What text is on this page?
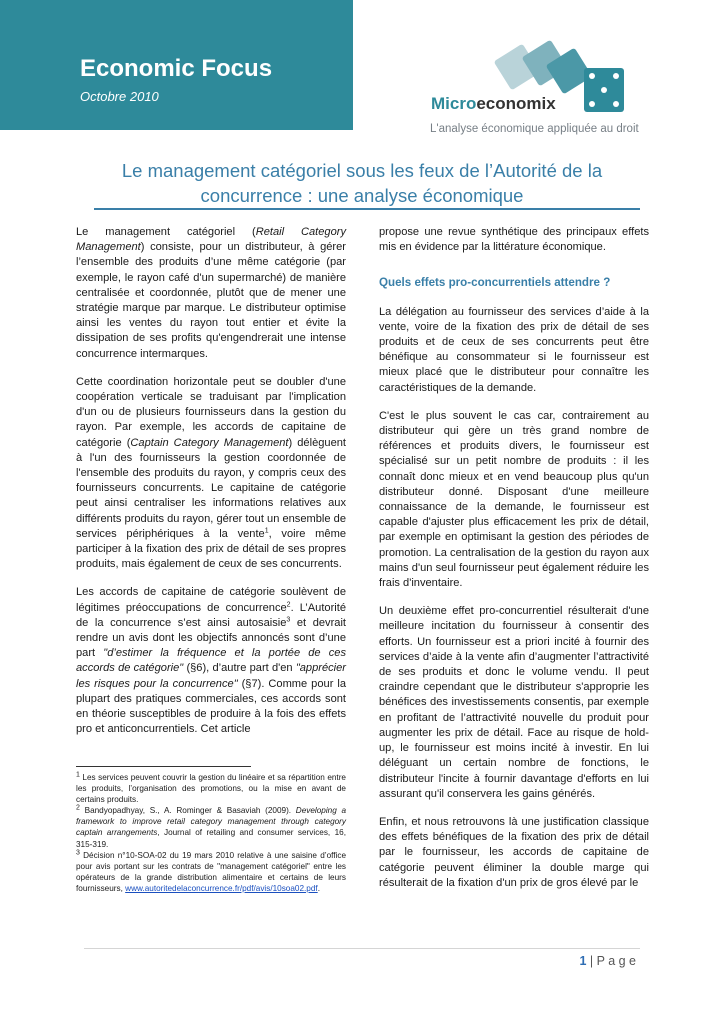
Economic Focus
Octobre 2010	Microeconomix
L'analyse économique appliquée au droit
Le management catégoriel sous les feux de l’Autorité de la concurrence : une analyse économique

Le management catégoriel (Retail Category Management) consiste, pour un distributeur, à gérer l’ensemble des produits d’une même catégorie (par exemple, le rayon café d'un supermarché) de manière centralisée et coordonnée, plutôt que de mener une stratégie marque par marque. Le distributeur optimise ainsi les ventes du rayon tout entier et évite la dissipation de ses profits qu'engendrerait une intense concurrence intermarques.

Cette coordination horizontale peut se doubler d'une coopération verticale se traduisant par l'implication d'un ou de plusieurs fournisseurs dans la gestion du rayon. Par exemple, les accords de capitaine de catégorie (Captain Category Management) délèguent à l'un des fournisseurs la gestion coordonnée de l'ensemble des produits du rayon, y compris ceux des fournisseurs concurrents. Le capitaine de catégorie peut ainsi centraliser les informations relatives aux différents produits du rayon, gérer tout un ensemble de services périphériques à la vente$^1$, voire même participer à la fixation des prix de détail de ses propres produits, mais également de ceux de ses concurrents.

Les accords de capitaine de catégorie soulèvent de légitimes préoccupations de concurrence$^2$. L’Autorité de la concurrence s’est ainsi autosaisie$^3$ et devrait rendre un avis dont les objectifs annoncés sont d’une part "d’estimer la fréquence et la portée de ces accords de catégorie" (§6), d’autre part d'en "apprécier les risques pour la concurrence" (§7). Comme pour la plupart des pratiques commerciales, ces accords sont en théorie susceptibles de produire à la fois des effets pro et anticoncurrentiels. Cet article

$^1$ Les services peuvent couvrir la gestion du linéaire et sa répartition entre les produits, l’organisation des promotions, ou la mise en avant de certains produits.

$^2$ Bandyopadhyay, S., A. Rominger & Basaviah (2009). Developing a framework to improve retail category management through category captain arrangements, Journal of retailing and consumer services, 16, 315-319.

$^3$ Décision n°10-SOA-02 du 19 mars 2010 relative à une saisine d’office pour avis portant sur les contrats de "management catégoriel" entre les opérateurs de la grande distribution alimentaire et certains de leurs fournisseurs, www.autoritedelaconcurrence.fr/pdf/avis/10soa02.pdf.

propose une revue synthétique des principaux effets mis en évidence par la littérature économique.

Quels effets pro-concurrentiels attendre ?

La délégation au fournisseur des services d’aide à la vente, voire de la fixation des prix de détail de ses produits et de ceux de ses concurrents peut être bénéfique au consommateur si le fournisseur est mieux placé que le distributeur pour connaître les caractéristiques de la demande.

C'est le plus souvent le cas car, contrairement au distributeur qui gère un très grand nombre de références et produits divers, le fournisseur est spécialisé sur un petit nombre de produits : il les connaît donc mieux et en vend beaucoup plus qu'un distributeur donné. Disposant d'une meilleure connaissance de la demande, le fournisseur est capable d'ajuster plus efficacement les prix de détail, par exemple en optimisant la gestion des périodes de promotion. La centralisation de la gestion du rayon aux mains d'un seul fournisseur peut également réduire les frais d'inventaire.

Un deuxième effet pro-concurrentiel résulterait d'une meilleure incitation du fournisseur à consentir des efforts. Un fournisseur est a priori incité à fournir des services d’aide à la vente afin d’augmenter l’attractivité de ses produits et donc le volume vendu. Il peut craindre cependant que le distributeur s'approprie les bénéfices des investissements consentis, par exemple en profitant de l’attractivité nouvelle du produit pour augmenter les prix de détail. Face au risque de hold-up, le fournisseur est moins incité à investir. En lui déléguant un certain nombre de fonctions, le distributeur l'incite à fournir davantage d'efforts en lui assurant qu'il conservera les gains générés.

Enfin, et nous retrouvons là une justification classique des effets bénéfiques de la fixation des prix de détail par le fournisseur, les accords de capitaine de catégorie peuvent éliminer la double marge qui résulterait de la fixation d'un prix de gros élevé par le

1 | P a g e
